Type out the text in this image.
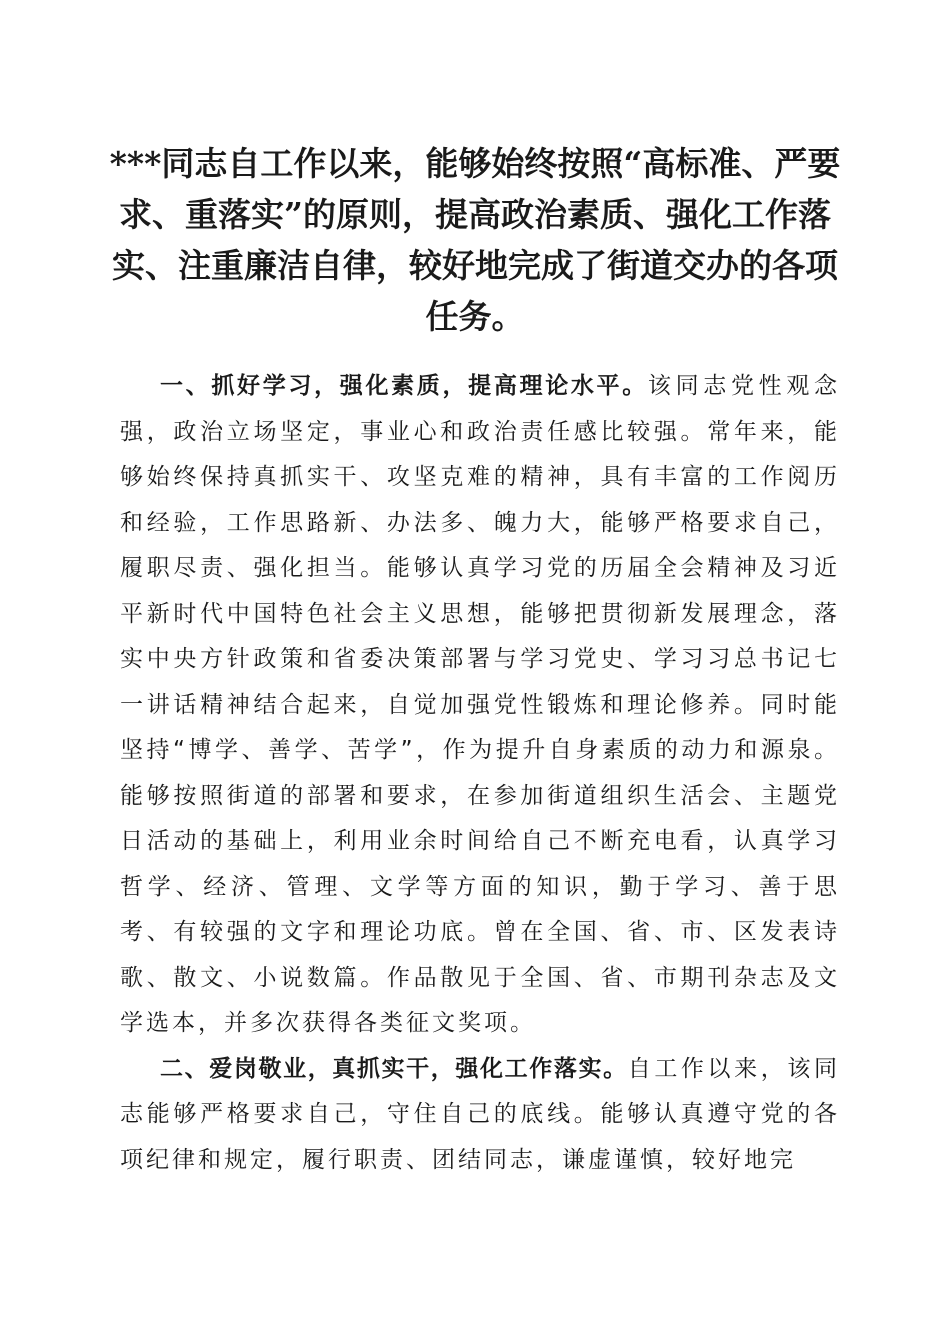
***同志自工作以来，能够始终按照“高标准、严要求、重落实”的原则，提高政治素质、强化工作落实、注重廉洁自律，较好地完成了街道交办的各项任务。

一、抓好学习，强化素质，提高理论水平。该同志党性观念强，政治立场坚定，事业心和政治责任感比较强。常年来，能够始终保持真抓实干、攻坚克难的精神，具有丰富的工作阅历和经验，工作思路新、办法多、魄力大，能够严格要求自己，履职尽责、强化担当。能够认真学习党的历届全会精神及习近平新时代中国特色社会主义思想，能够把贯彻新发展理念，落实中央方针政策和省委决策部署与学习党史、学习习总书记七一讲话精神结合起来，自觉加强党性锻炼和理论修养。同时能坚持“博学、善学、苦学”，作为提升自身素质的动力和源泉。能够按照街道的部署和要求，在参加街道组织生活会、主题党日活动的基础上，利用业余时间给自己不断充电看，认真学习哲学、经济、管理、文学等方面的知识，勤于学习、善于思考、有较强的文字和理论功底。曾在全国、省、市、区发表诗歌、散文、小说数篇。作品散见于全国、省、市期刊杂志及文学选本，并多次获得各类征文奖项。

二、爱岗敬业，真抓实干，强化工作落实。自工作以来，该同志能够严格要求自己，守住自己的底线。能够认真遵守党的各项纪律和规定，履行职责、团结同志，谦虚谨慎，较好地完
